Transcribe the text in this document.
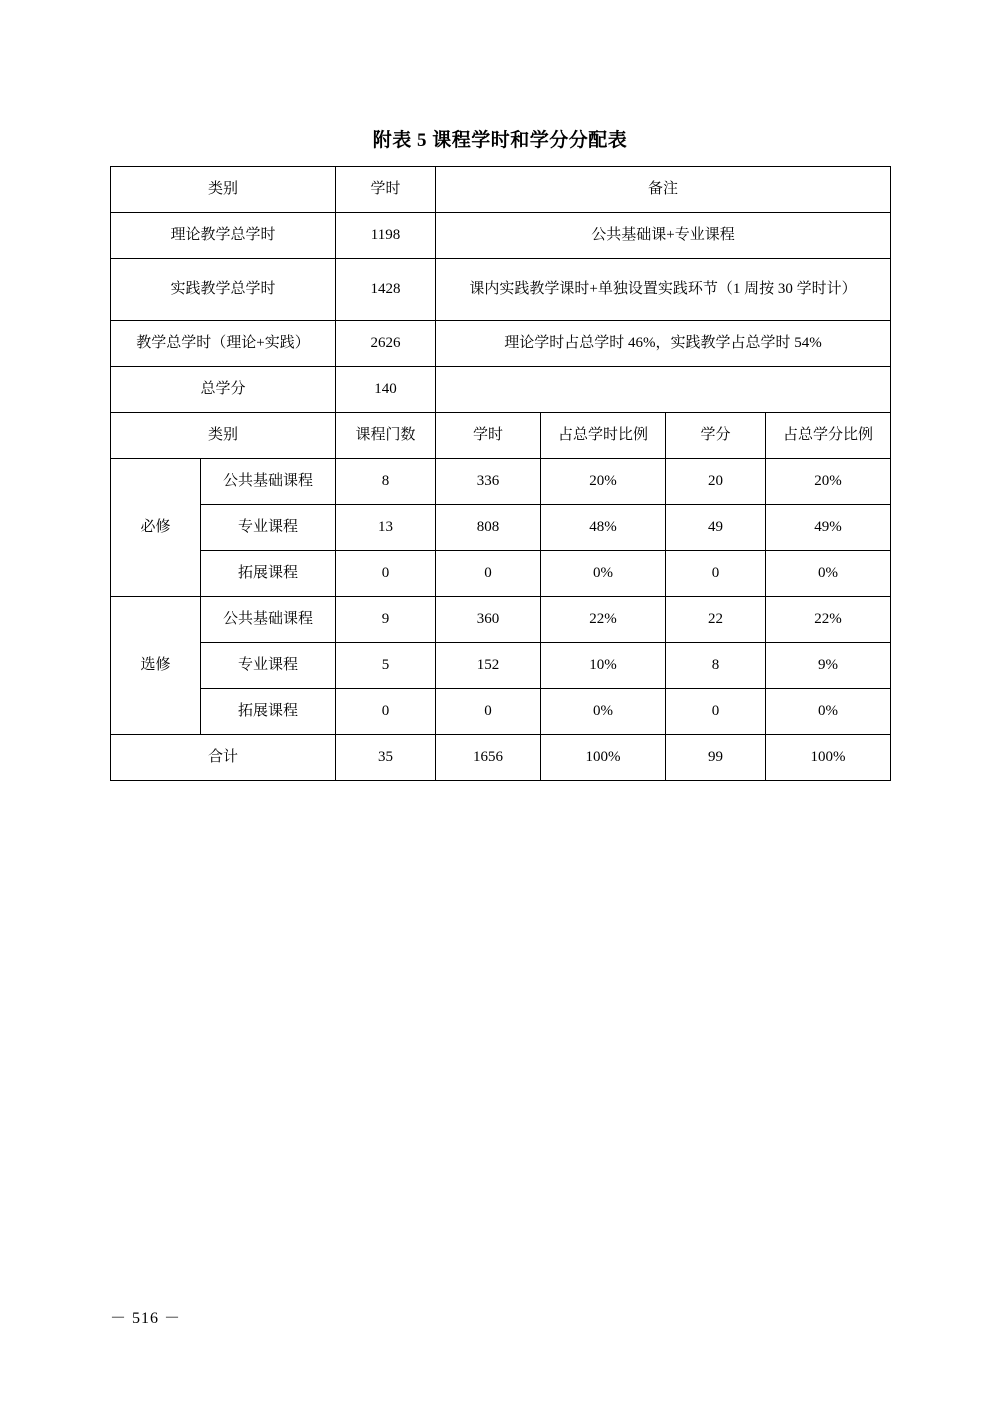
附表 5 课程学时和学分分配表
类别		学时	备注			
理论教学总学时		1198	公共基础课+专业课程			
实践教学总学时		1428	课内实践教学课时+单独设置实践环节（1 周按 30 学时计）			
教学总学时（理论+实践）		2626	理论学时占总学时 46%，实践教学占总学时 54%			
总学分		140				
类别		课程门数	学时	占总学时比例	学分	占总学分比例
必修	公共基础课程	8	336	20%	20	20%
	专业课程	13	808	48%	49	49%
	拓展课程	0	0	0%	0	0%
选修	公共基础课程	9	360	22%	22	22%
	专业课程	5	152	10%	8	9%
	拓展课程	0	0	0%	0	0%
合计		35	1656	100%	99	100%
－ 516 －
